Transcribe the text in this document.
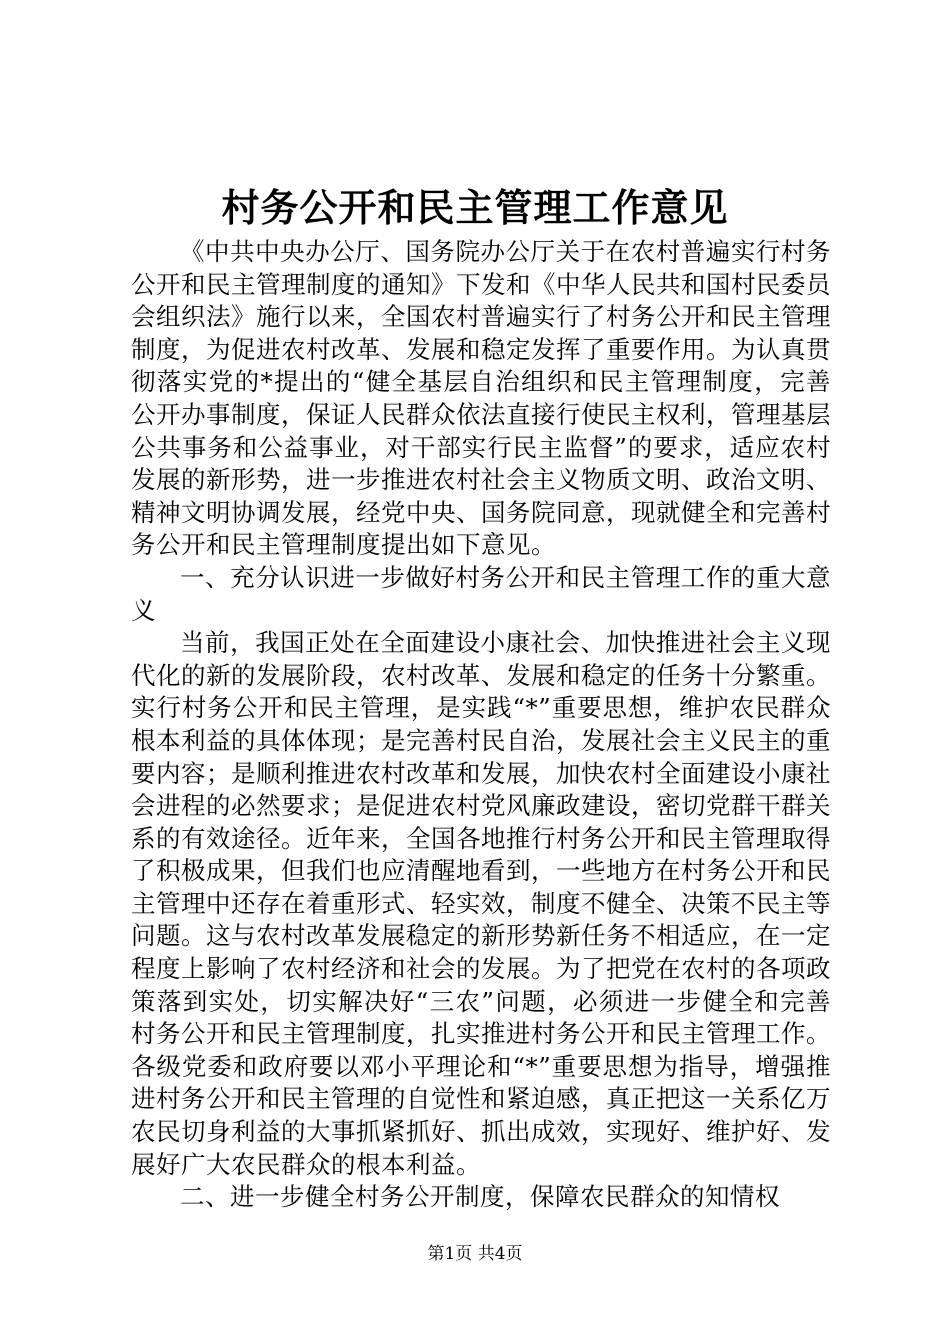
村务公开和民主管理工作意见

《中共中央办公厅、国务院办公厅关于在农村普遍实行村务公开和民主管理制度的通知》下发和《中华人民共和国村民委员会组织法》施行以来，全国农村普遍实行了村务公开和民主管理制度，为促进农村改革、发展和稳定发挥了重要作用。为认真贯彻落实党的*提出的“健全基层自治组织和民主管理制度，完善公开办事制度，保证人民群众依法直接行使民主权利，管理基层公共事务和公益事业，对干部实行民主监督”的要求，适应农村发展的新形势，进一步推进农村社会主义物质文明、政治文明、精神文明协调发展，经党中央、国务院同意，现就健全和完善村务公开和民主管理制度提出如下意见。

一、充分认识进一步做好村务公开和民主管理工作的重大意义

当前，我国正处在全面建设小康社会、加快推进社会主义现代化的新的发展阶段，农村改革、发展和稳定的任务十分繁重。实行村务公开和民主管理，是实践“*”重要思想，维护农民群众根本利益的具体体现；是完善村民自治，发展社会主义民主的重要内容；是顺利推进农村改革和发展，加快农村全面建设小康社会进程的必然要求；是促进农村党风廉政建设，密切党群干群关系的有效途径。近年来，全国各地推行村务公开和民主管理取得了积极成果，但我们也应清醒地看到，一些地方在村务公开和民主管理中还存在着重形式、轻实效，制度不健全、决策不民主等问题。这与农村改革发展稳定的新形势新任务不相适应，在一定程度上影响了农村经济和社会的发展。为了把党在农村的各项政策落到实处，切实解决好“三农”问题，必须进一步健全和完善村务公开和民主管理制度，扎实推进村务公开和民主管理工作。各级党委和政府要以邓小平理论和“*”重要思想为指导，增强推进村务公开和民主管理的自觉性和紧迫感，真正把这一关系亿万农民切身利益的大事抓紧抓好、抓出成效，实现好、维护好、发展好广大农民群众的根本利益。

二、进一步健全村务公开制度，保障农民群众的知情权

第1页 共4页
